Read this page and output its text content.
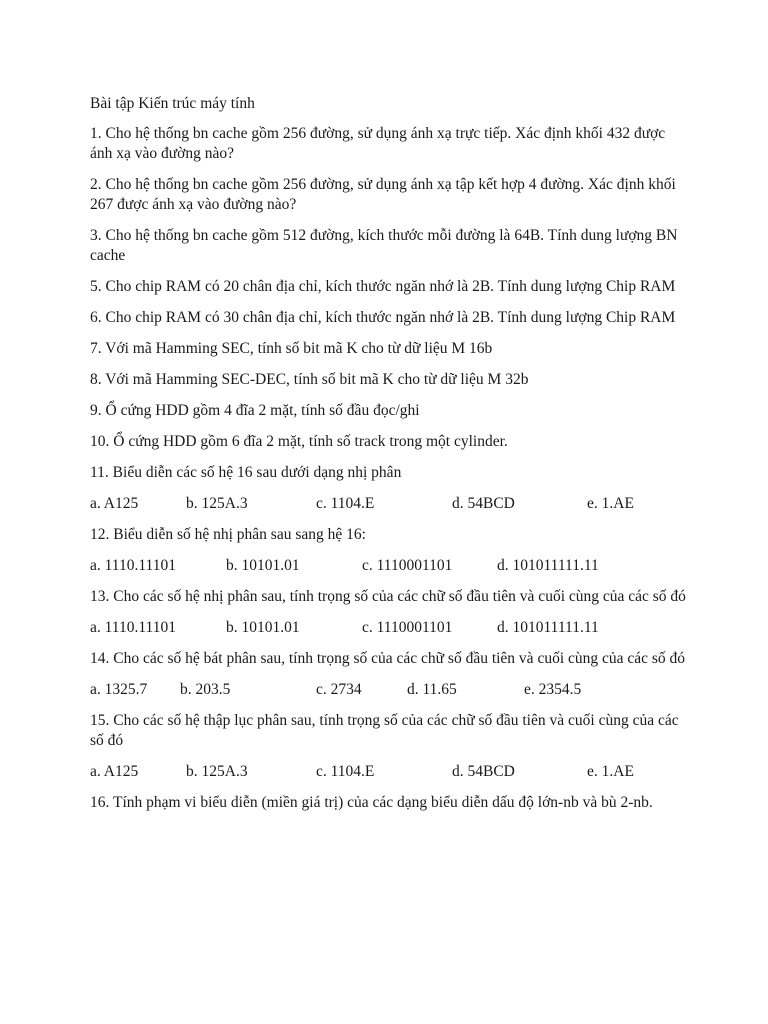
Bài tập Kiến trúc máy tính

1. Cho hệ thống bn cache gồm 256 đường, sử dụng ánh xạ trực tiếp. Xác định khối 432 được ánh xạ vào đường nào?

2. Cho hệ thống bn cache gồm 256 đường, sử dụng ánh xạ tập kết hợp 4 đường. Xác định khối 267 được ánh xạ vào đường nào?

3. Cho hệ thống bn cache gồm 512 đường, kích thước mỗi đường là 64B. Tính dung lượng BN cache

5. Cho chip RAM có 20 chân địa chỉ, kích thước ngăn nhớ là 2B. Tính dung lượng Chip RAM

6. Cho chip RAM có 30 chân địa chỉ, kích thước ngăn nhớ là 2B. Tính dung lượng Chip RAM

7. Với mã Hamming SEC, tính số bit mã K cho từ dữ liệu M 16b

8. Với mã Hamming SEC-DEC, tính số bit mã K cho từ dữ liệu M 32b

9. Ổ cứng HDD gồm 4 đĩa 2 mặt, tính số đầu đọc/ghi

10. Ổ cứng HDD gồm 6 đĩa 2 mặt, tính số track trong một cylinder.

11. Biểu diễn các số hệ 16 sau dưới dạng nhị phân

a. A125	b. 125A.3	c. 1104.E	d. 54BCD	e. 1.AE

12. Biểu diễn số hệ nhị phân sau sang hệ 16:

a. 1110.11101	b. 10101.01	c. 1110001101	d. 101011111.11

13. Cho các số hệ nhị phân sau, tính trọng số của các chữ số đầu tiên và cuối cùng của các số đó

a. 1110.11101	b. 10101.01	c. 1110001101	d. 101011111.11

14. Cho các số hệ bát phân sau, tính trọng số của các chữ số đầu tiên và cuối cùng của các số đó

a. 1325.7 b. 203.5	c. 2734	d. 11.65	e. 2354.5

15. Cho các số hệ thập lục phân sau, tính trọng số của các chữ số đầu tiên và cuối cùng của các số đó

a. A125	b. 125A.3	c. 1104.E	d. 54BCD	e. 1.AE

16. Tính phạm vi biểu diễn (miền giá trị) của các dạng biểu diễn dấu độ lớn-nb và bù 2-nb.
